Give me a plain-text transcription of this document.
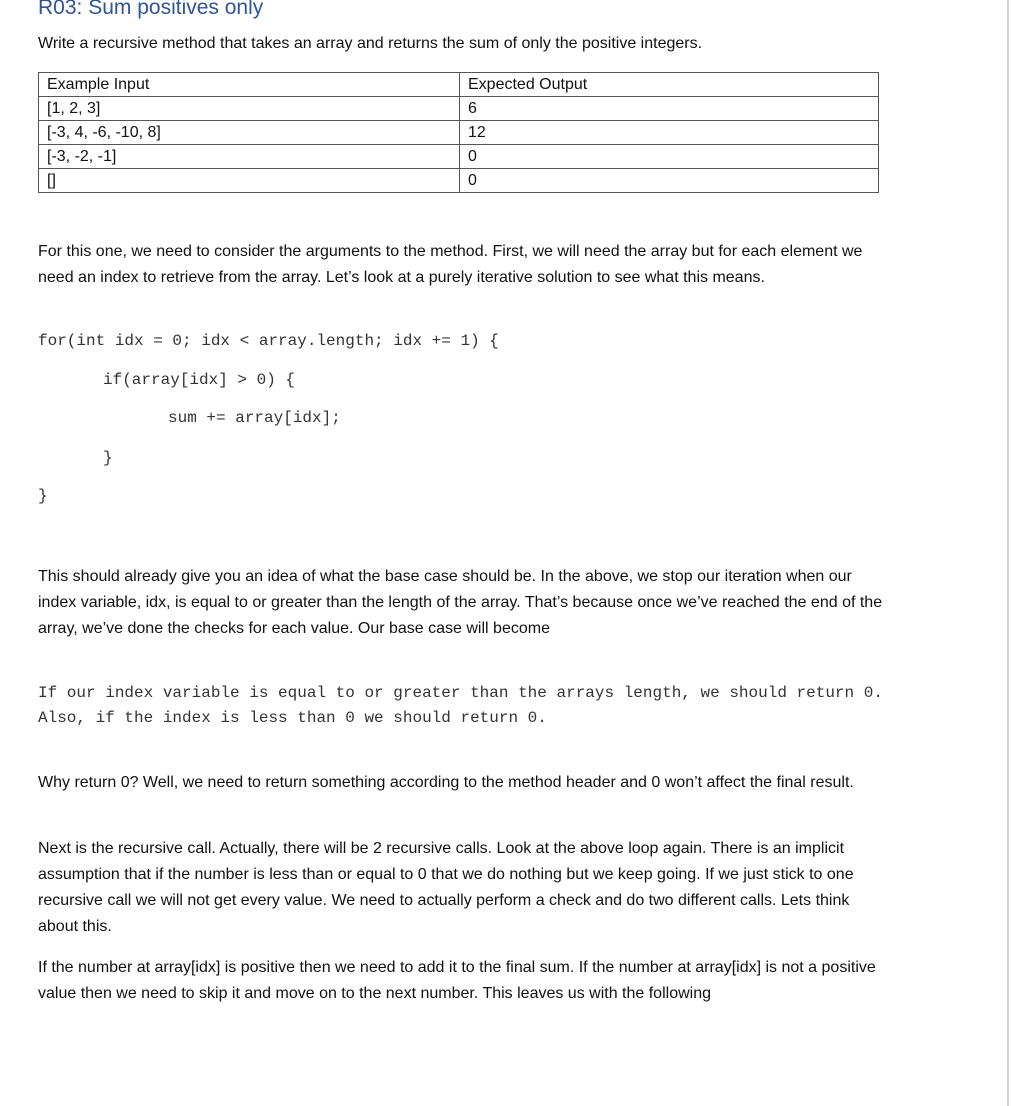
R03: Sum positives only

Write a recursive method that takes an array and returns the sum of only the positive integers.

Example Input	Expected Output
[1, 2, 3]	6
[-3, 4, -6, -10, 8]	12
[-3, -2, -1]	0
[]	0

For this one, we need to consider the arguments to the method. First, we will need the array but for each element we need an index to retrieve from the array. Let’s look at a purely iterative solution to see what this means.

for(int idx = 0; idx < array.length; idx += 1) {
if(array[idx] > 0) {
sum += array[idx];
}
}

This should already give you an idea of what the base case should be. In the above, we stop our iteration when our index variable, idx, is equal to or greater than the length of the array. That’s because once we’ve reached the end of the array, we’ve done the checks for each value. Our base case will become

If our index variable is equal to or greater than the arrays length, we should return 0. Also, if the index is less than 0 we should return 0.

Why return 0? Well, we need to return something according to the method header and 0 won’t affect the final result.

Next is the recursive call. Actually, there will be 2 recursive calls. Look at the above loop again. There is an implicit assumption that if the number is less than or equal to 0 that we do nothing but we keep going. If we just stick to one recursive call we will not get every value. We need to actually perform a check and do two different calls. Lets think about this.

If the number at array[idx] is positive then we need to add it to the final sum. If the number at array[idx] is not a positive value then we need to skip it and move on to the next number. This leaves us with the following
